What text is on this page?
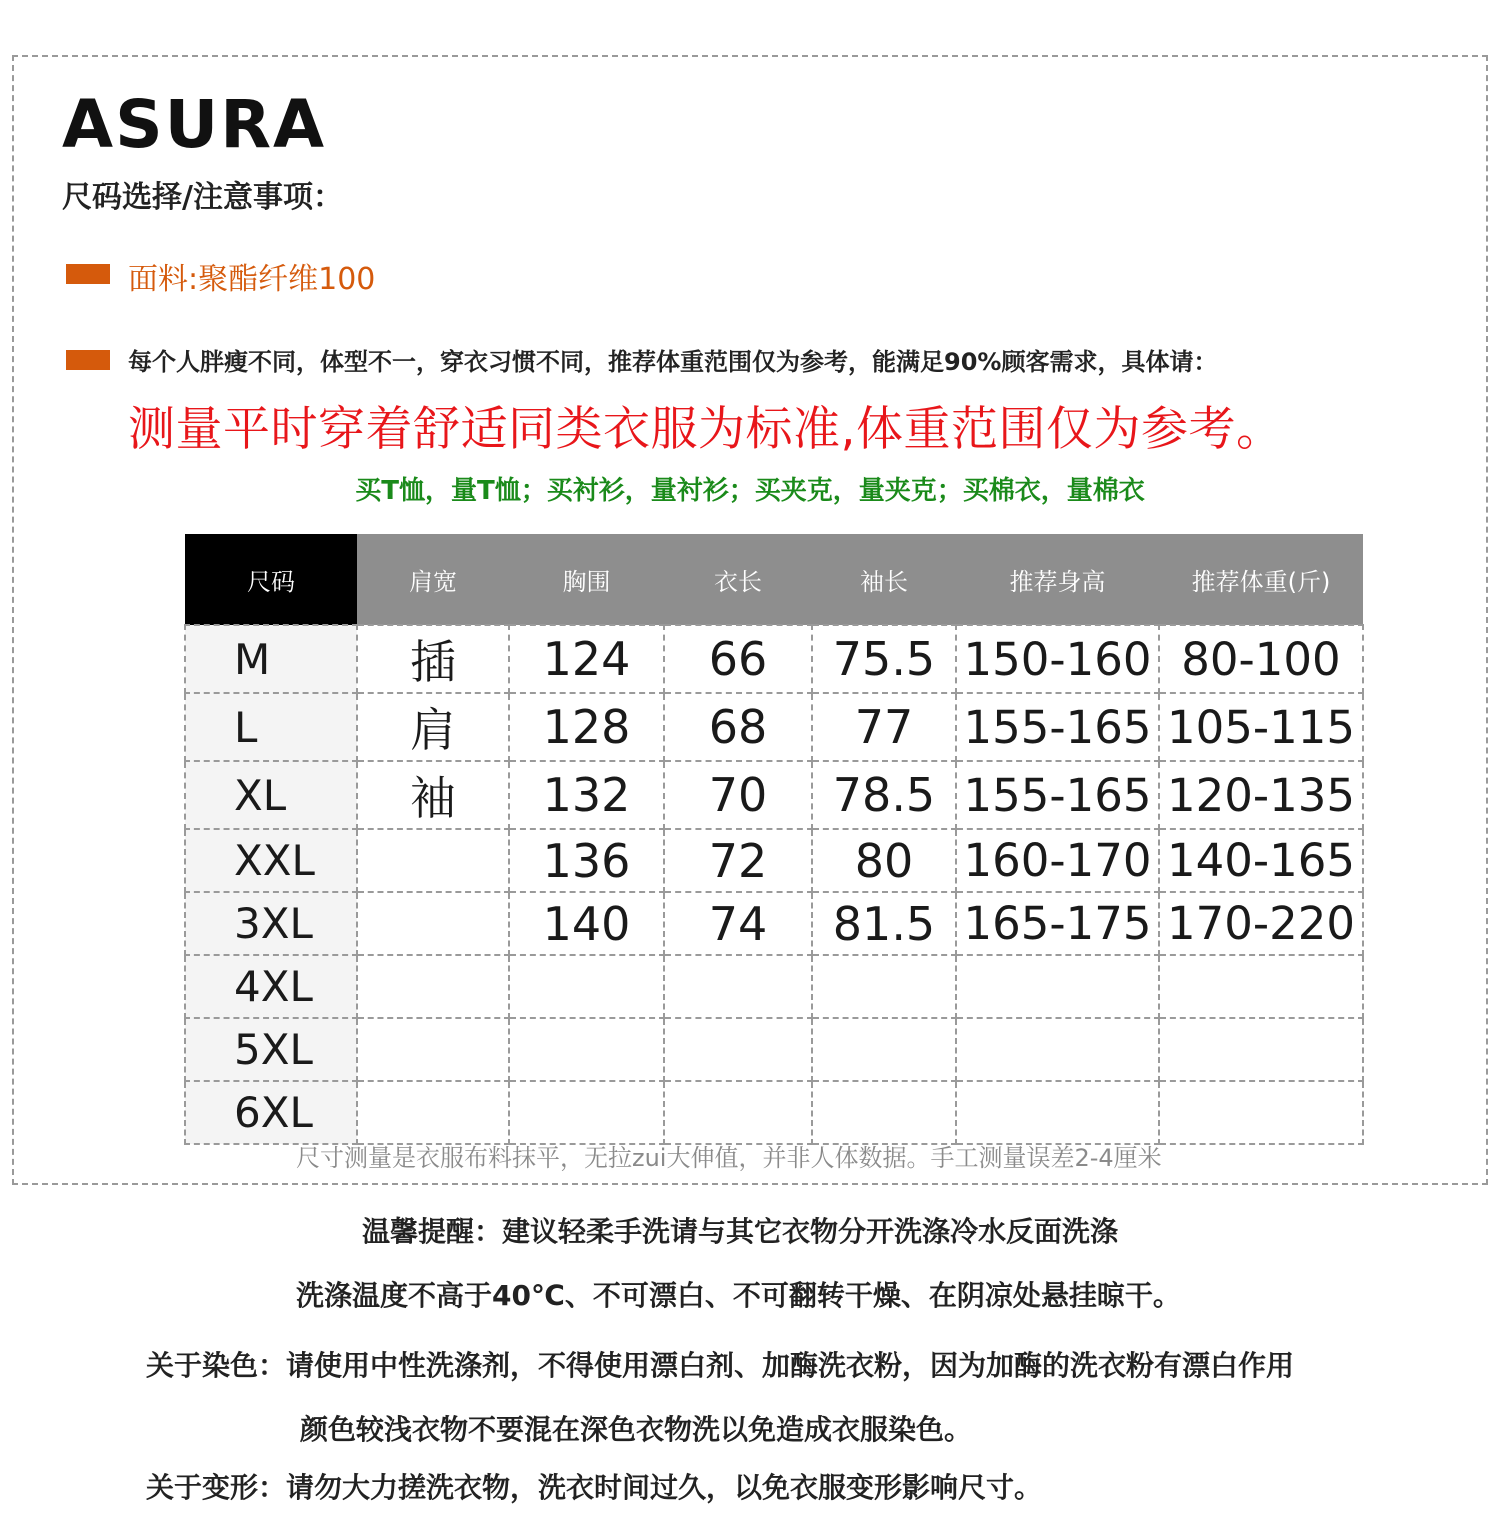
ASURA
尺码选择/注意事项：
面料:聚酯纤维100
每个人胖瘦不同，体型不一，穿衣习惯不同，推荐体重范围仅为参考，能满足90%顾客需求，具体请：
测量平时穿着舒适同类衣服为标准,体重范围仅为参考。
买T恤，量T恤；买衬衫，量衬衫；买夹克，量夹克；买棉衣，量棉衣
尺码	肩宽	胸围	衣长	袖长	推荐身高	推荐体重(斤)
M	插	124	66	75.5	150-160	80-100
L	肩	128	68	77	155-165	105-115
XL	袖	132	70	78.5	155-165	120-135
XXL		136	72	80	160-170	140-165
3XL		140	74	81.5	165-175	170-220
4XL						
5XL						
6XL						
尺寸测量是衣服布料抹平，无拉zui大伸值，并非人体数据。手工测量误差2-4厘米
温馨提醒：建议轻柔手洗请与其它衣物分开洗涤冷水反面洗涤
洗涤温度不高于40℃、不可漂白、不可翻转干燥、在阴凉处悬挂晾干。
关于染色：请使用中性洗涤剂，不得使用漂白剂、加酶洗衣粉，因为加酶的洗衣粉有漂白作用
颜色较浅衣物不要混在深色衣物洗以免造成衣服染色。
关于变形：请勿大力搓洗衣物，洗衣时间过久，以免衣服变形影响尺寸。
